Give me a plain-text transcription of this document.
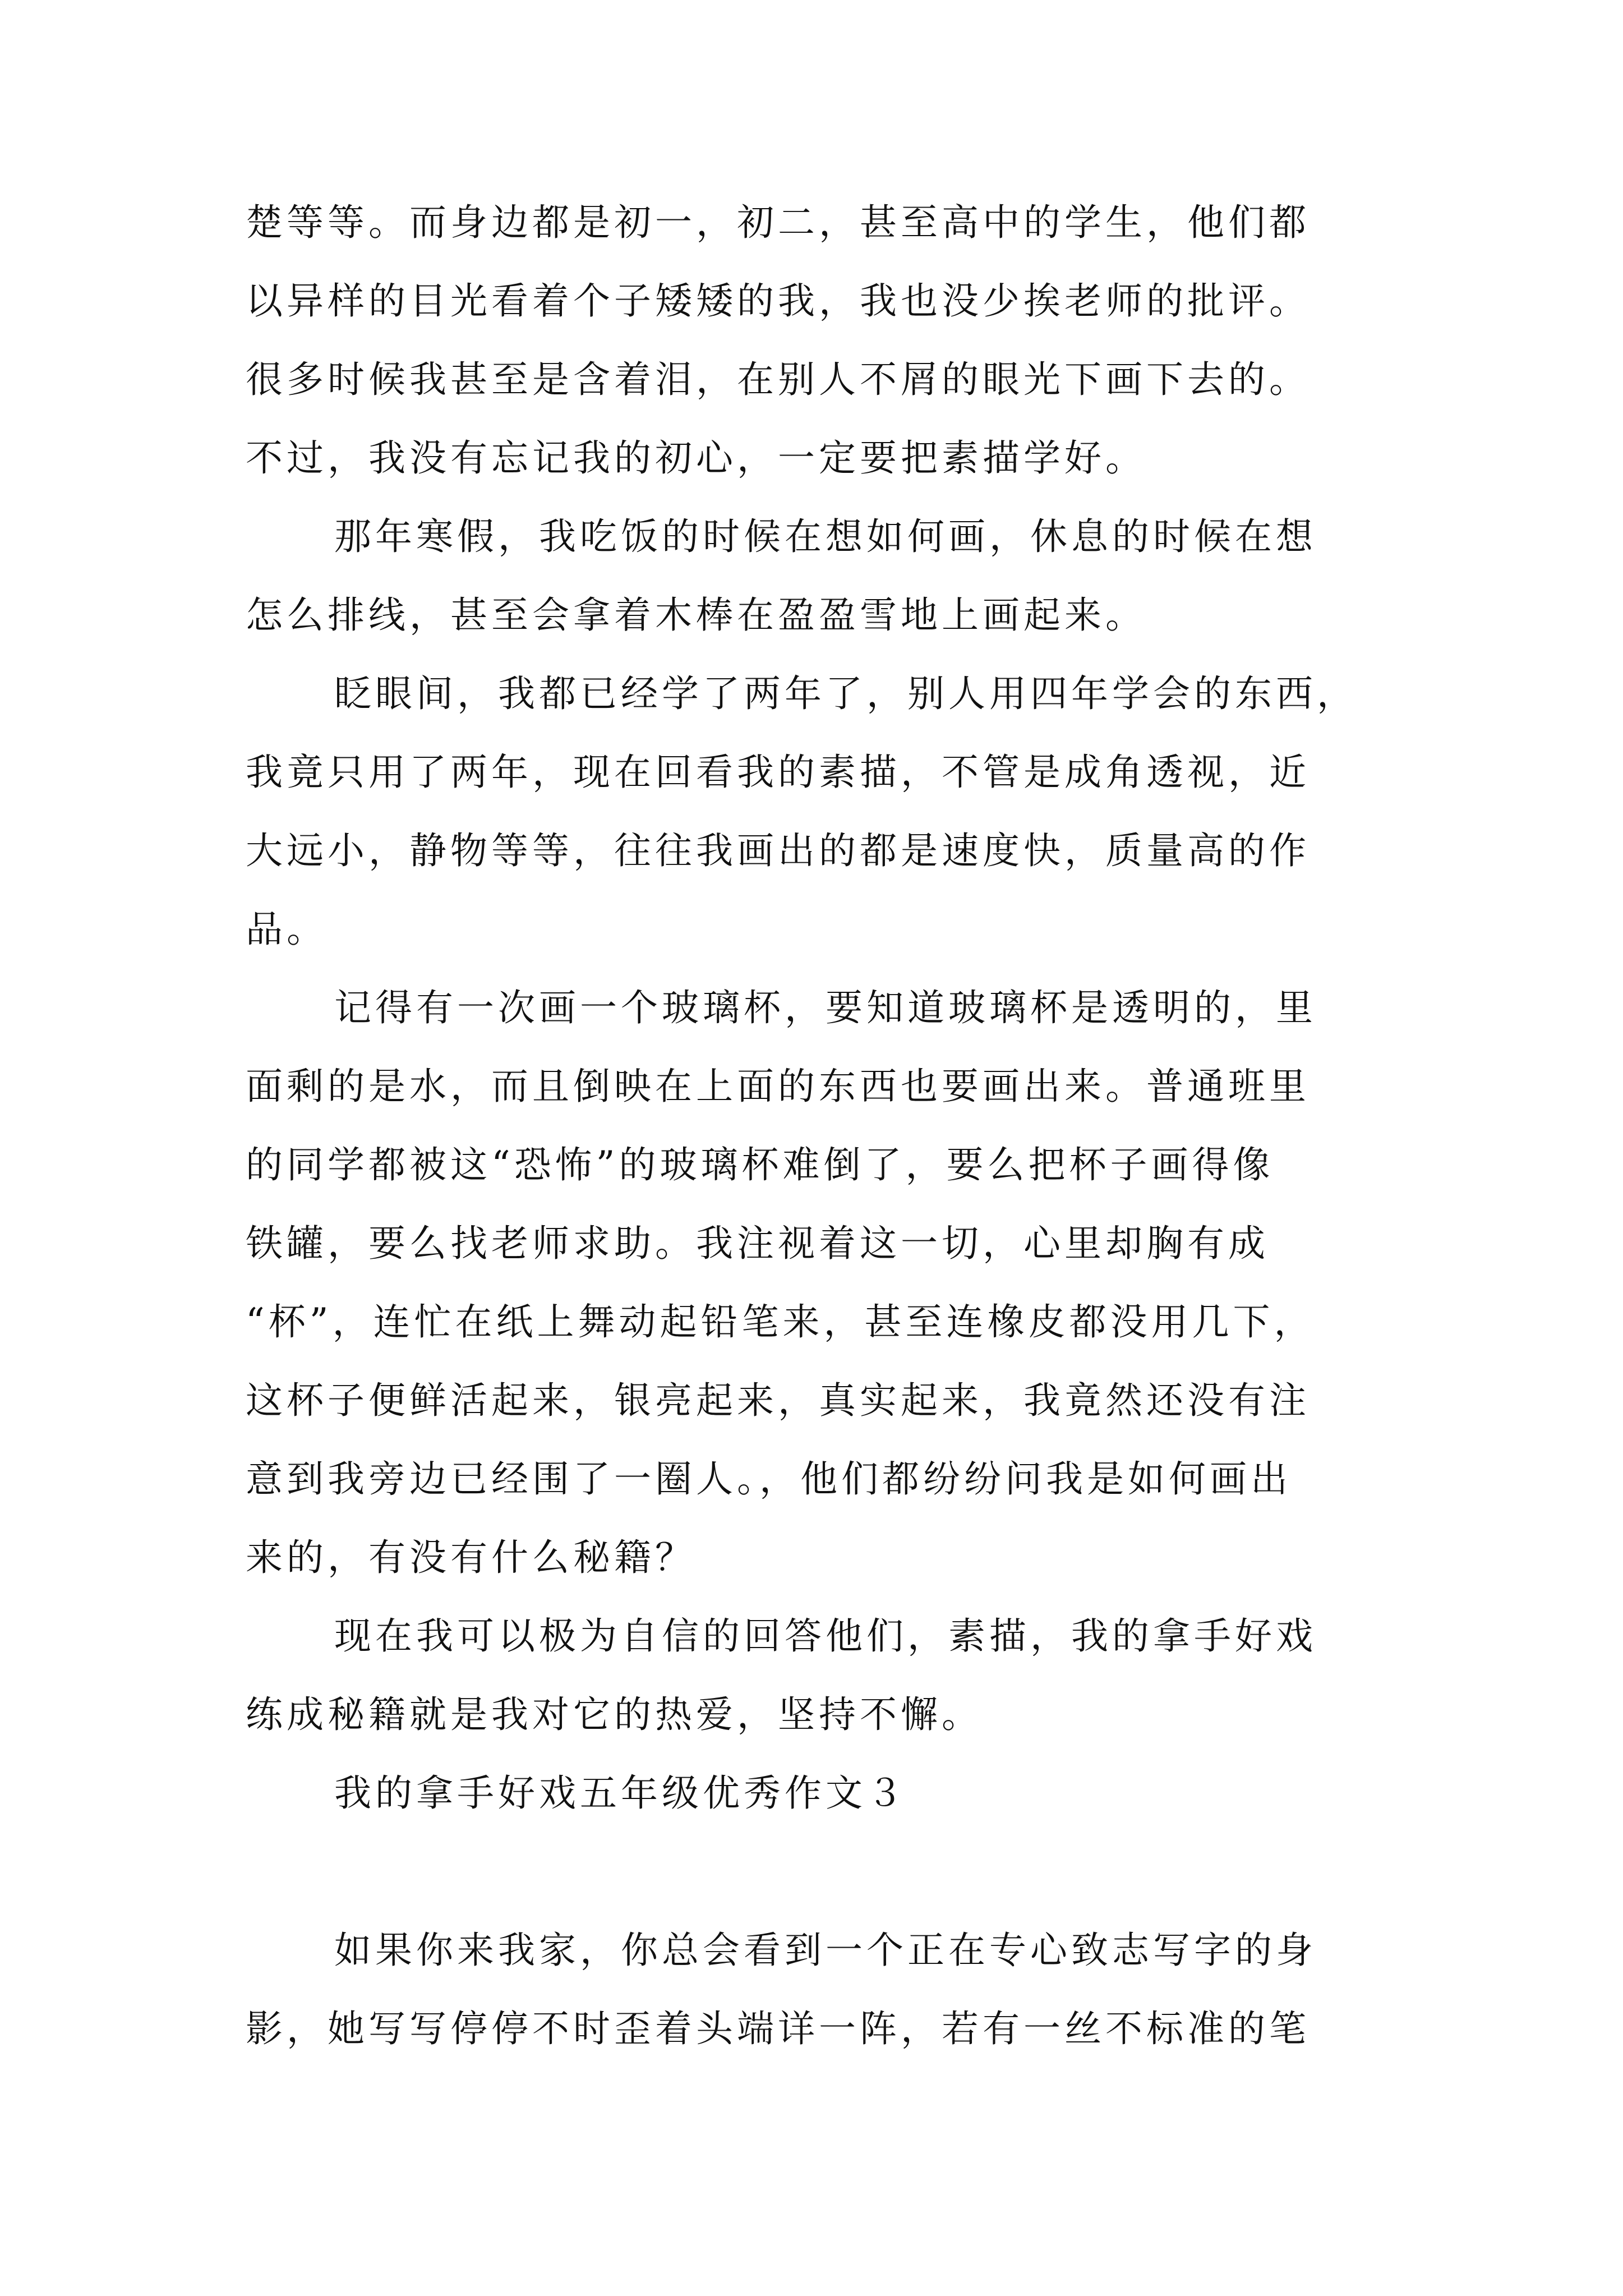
楚等等。而身边都是初一，初二，甚至高中的学生，他们都
以异样的目光看着个子矮矮的我，我也没少挨老师的批评。
很多时候我甚至是含着泪，在别人不屑的眼光下画下去的。
不过，我没有忘记我的初心，一定要把素描学好。
那年寒假，我吃饭的时候在想如何画，休息的时候在想
怎么排线，甚至会拿着木棒在盈盈雪地上画起来。
眨眼间，我都已经学了两年了，别人用四年学会的东西，
我竟只用了两年，现在回看我的素描，不管是成角透视，近
大远小，静物等等，往往我画出的都是速度快，质量高的作
品。
记得有一次画一个玻璃杯，要知道玻璃杯是透明的，里
面剩的是水，而且倒映在上面的东西也要画出来。普通班里
的同学都被这“恐怖”的玻璃杯难倒了，要么把杯子画得像
铁罐，要么找老师求助。我注视着这一切，心里却胸有成
“杯”，连忙在纸上舞动起铅笔来，甚至连橡皮都没用几下，
这杯子便鲜活起来，银亮起来，真实起来，我竟然还没有注
意到我旁边已经围了一圈人。，他们都纷纷问我是如何画出
来的，有没有什么秘籍？
现在我可以极为自信的回答他们，素描，我的拿手好戏
练成秘籍就是我对它的热爱，坚持不懈。
我的拿手好戏五年级优秀作文３
如果你来我家，你总会看到一个正在专心致志写字的身
影，她写写停停不时歪着头端详一阵，若有一丝不标准的笔
